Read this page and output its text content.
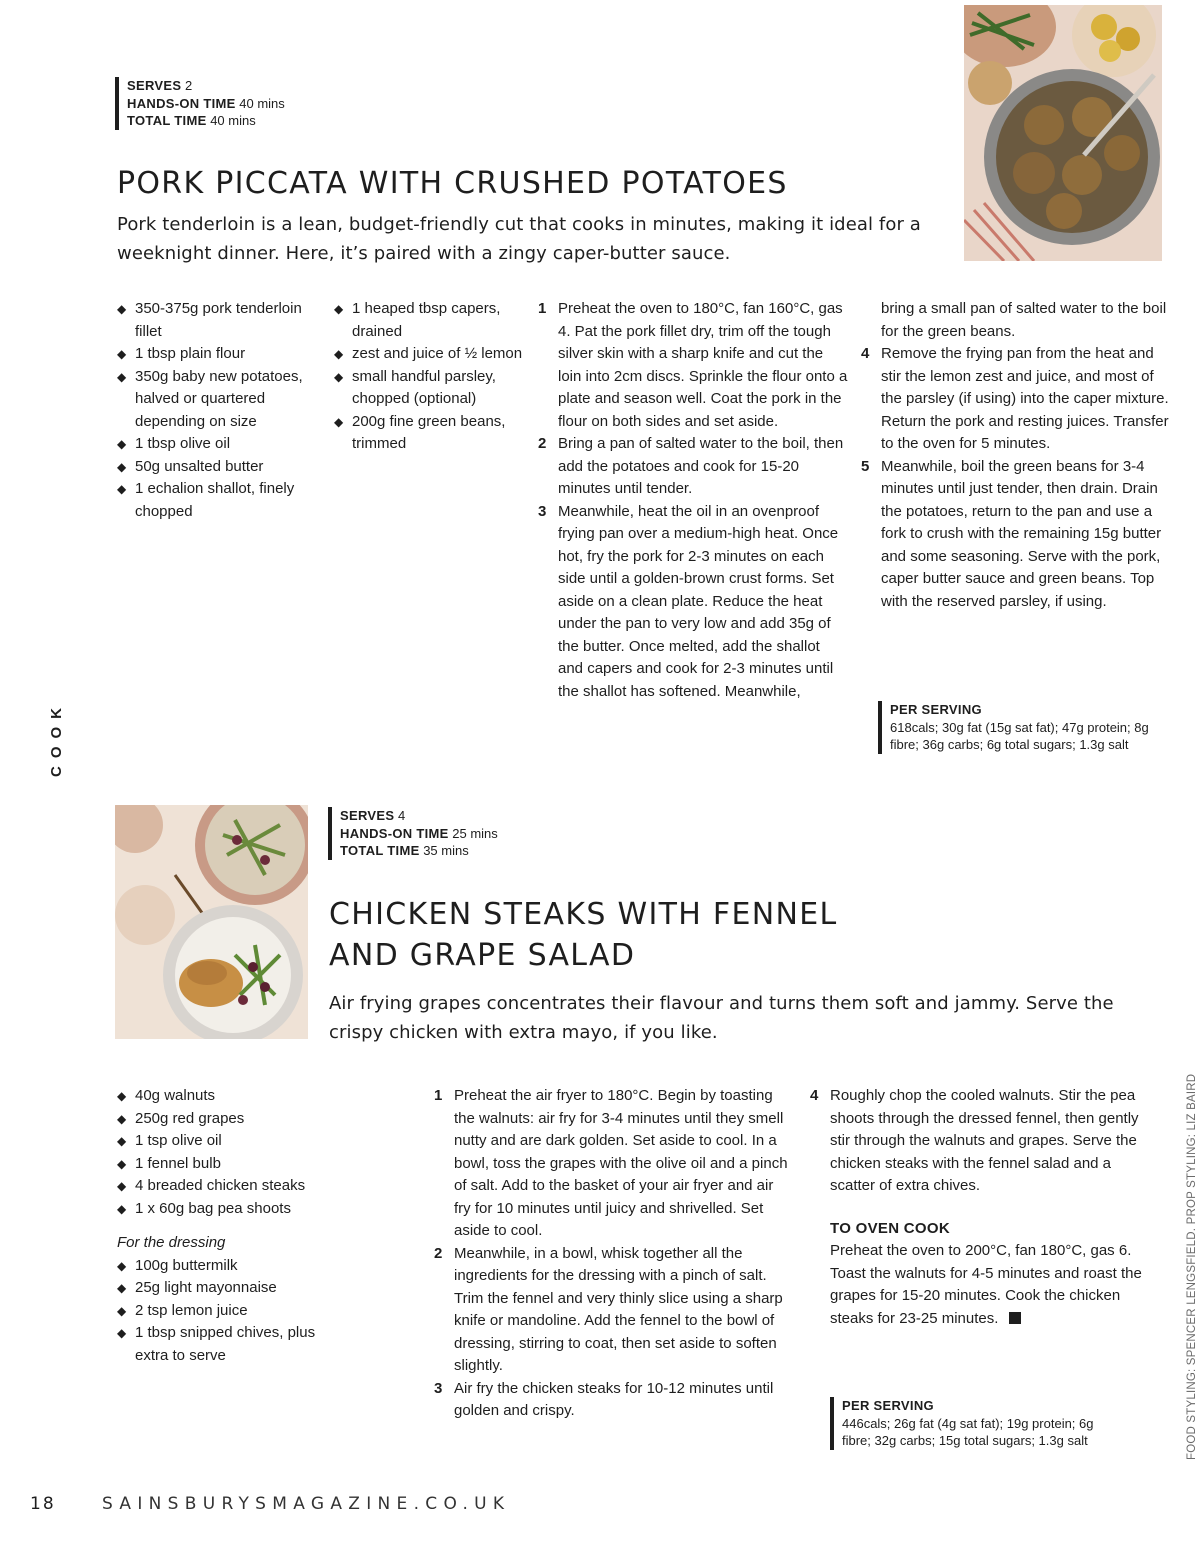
SERVES 2
HANDS-ON TIME 40 mins
TOTAL TIME 40 mins
PORK PICCATA WITH CRUSHED POTATOES
Pork tenderloin is a lean, budget-friendly cut that cooks in minutes, making it ideal for a weeknight dinner. Here, it’s paired with a zingy caper-butter sauce.
◆ 350-375g pork tenderloin fillet
◆ 1 tbsp plain flour
◆ 350g baby new potatoes, halved or quartered depending on size
◆ 1 tbsp olive oil
◆ 50g unsalted butter
◆ 1 echalion shallot, finely chopped
◆ 1 heaped tbsp capers, drained
◆ zest and juice of ½ lemon
◆ small handful parsley, chopped (optional)
◆ 200g fine green beans, trimmed
1 Preheat the oven to 180°C, fan 160°C, gas 4. Pat the pork fillet dry, trim off the tough silver skin with a sharp knife and cut the loin into 2cm discs. Sprinkle the flour onto a plate and season well. Coat the pork in the flour on both sides and set aside.
2 Bring a pan of salted water to the boil, then add the potatoes and cook for 15-20 minutes until tender.
3 Meanwhile, heat the oil in an ovenproof frying pan over a medium-high heat. Once hot, fry the pork for 2-3 minutes on each side until a golden-brown crust forms. Set aside on a clean plate. Reduce the heat under the pan to very low and add 35g of the butter. Once melted, add the shallot and capers and cook for 2-3 minutes until the shallot has softened. Meanwhile,
bring a small pan of salted water to the boil for the green beans.
4 Remove the frying pan from the heat and stir the lemon zest and juice, and most of the parsley (if using) into the caper mixture. Return the pork and resting juices. Transfer to the oven for 5 minutes.
5 Meanwhile, boil the green beans for 3-4 minutes until just tender, then drain. Drain the potatoes, return to the pan and use a fork to crush with the remaining 15g butter and some seasoning. Serve with the pork, caper butter sauce and green beans. Top with the reserved parsley, if using.
PER SERVING
618cals; 30g fat (15g sat fat); 47g protein; 8g fibre; 36g carbs; 6g total sugars; 1.3g salt
COOK
SERVES 4
HANDS-ON TIME 25 mins
TOTAL TIME 35 mins
CHICKEN STEAKS WITH FENNEL
AND GRAPE SALAD
Air frying grapes concentrates their flavour and turns them soft and jammy. Serve the crispy chicken with extra mayo, if you like.
◆ 40g walnuts
◆ 250g red grapes
◆ 1 tsp olive oil
◆ 1 fennel bulb
◆ 4 breaded chicken steaks
◆ 1 x 60g bag pea shoots
For the dressing
◆ 100g buttermilk
◆ 25g light mayonnaise
◆ 2 tsp lemon juice
◆ 1 tbsp snipped chives, plus extra to serve
1 Preheat the air fryer to 180°C. Begin by toasting the walnuts: air fry for 3-4 minutes until they smell nutty and are dark golden. Set aside to cool. In a bowl, toss the grapes with the olive oil and a pinch of salt. Add to the basket of your air fryer and air fry for 10 minutes until juicy and shrivelled. Set aside to cool.
2 Meanwhile, in a bowl, whisk together all the ingredients for the dressing with a pinch of salt. Trim the fennel and very thinly slice using a sharp knife or mandoline. Add the fennel to the bowl of dressing, stirring to coat, then set aside to soften slightly.
3 Air fry the chicken steaks for 10-12 minutes until golden and crispy.
4 Roughly chop the cooled walnuts. Stir the pea shoots through the dressed fennel, then gently stir through the walnuts and grapes. Serve the chicken steaks with the fennel salad and a scatter of extra chives.
TO OVEN COOK
Preheat the oven to 200°C, fan 180°C, gas 6. Toast the walnuts for 4-5 minutes and roast the grapes for 15-20 minutes. Cook the chicken steaks for 23-25 minutes.
PER SERVING
446cals; 26g fat (4g sat fat); 19g protein; 6g fibre; 32g carbs; 15g total sugars; 1.3g salt	FOOD STYLING: SPENCER LENGSFIELD. PROP STYLING: LIZ BAIRD
18	SAINSBURYSMAGAZINE.CO.UK
